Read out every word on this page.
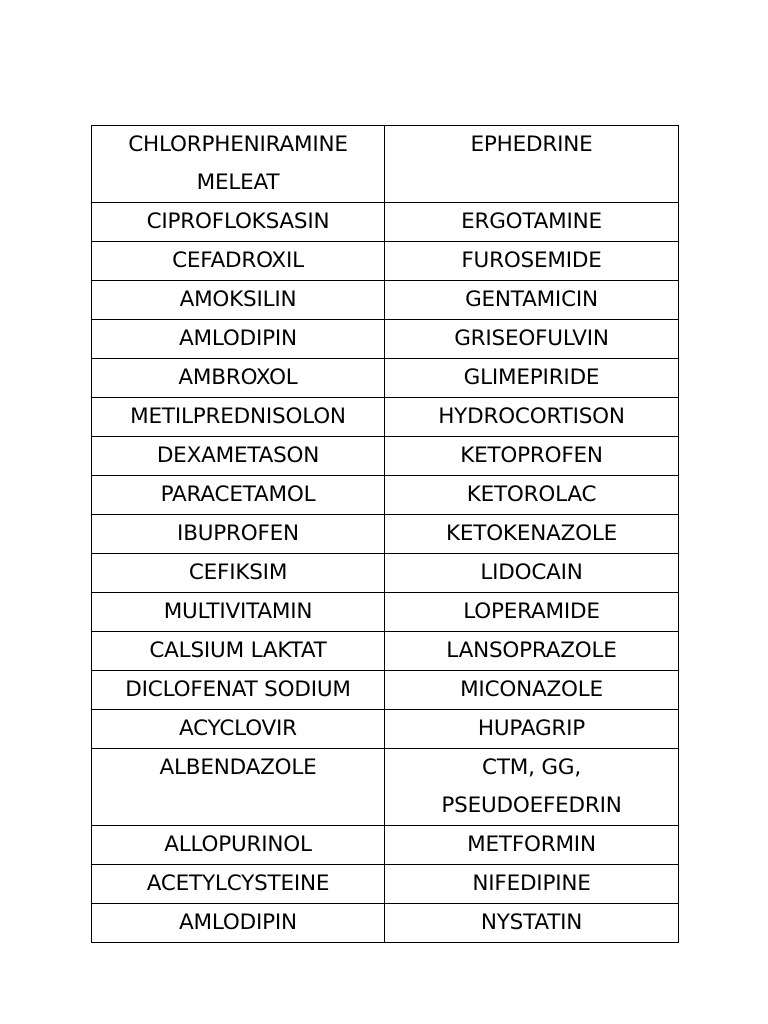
CHLORPHENIRAMINE MELEAT	EPHEDRINE

CIPROFLOKSASIN	ERGOTAMINE

CEFADROXIL	FUROSEMIDE

AMOKSILIN	GENTAMICIN

AMLODIPIN	GRISEOFULVIN

AMBROXOL	GLIMEPIRIDE

METILPREDNISOLON	HYDROCORTISON

DEXAMETASON	KETOPROFEN

PARACETAMOL	KETOROLAC

IBUPROFEN	KETOKENAZOLE

CEFIKSIM	LIDOCAIN

MULTIVITAMIN	LOPERAMIDE

CALSIUM LAKTAT	LANSOPRAZOLE

DICLOFENAT SODIUM	MICONAZOLE

ACYCLOVIR	HUPAGRIP

ALBENDAZOLE	CTM, GG, PSEUDOEFEDRIN

ALLOPURINOL	METFORMIN

ACETYLCYSTEINE	NIFEDIPINE

AMLODIPIN	NYSTATIN
